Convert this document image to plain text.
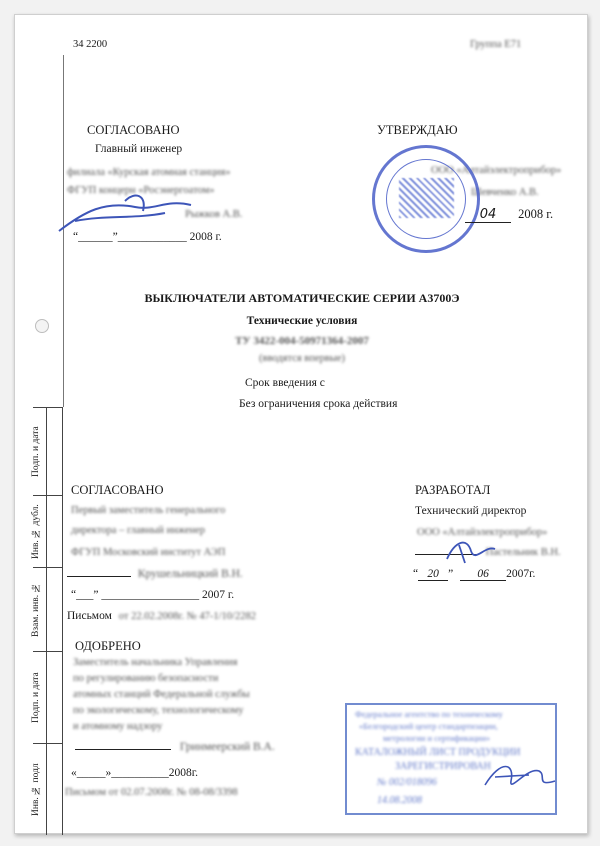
34 2200	Группа Е71
СОГЛАСОВАНО
Главный инженер
филиала «Курская атомная станция»
ФГУП концерн «Росэнергоатом»
Рыжков А.В.
“______”____________ 2008 г.
УТВЕРЖДАЮ
ООО «Алтайэлектроприбор»
Шевченко А.В.
04 2008 г.
ВЫКЛЮЧАТЕЛИ АВТОМАТИЧЕСКИЕ СЕРИИ А3700Э
Технические условия
ТУ 3422-004-50971364-2007
(вводятся впервые)
Срок введения с
Без ограничения срока действия
Подп. и дата
Инв. № дубл.
Взам. инв. №
Подп. и дата
Инв. № подл
СОГЛАСОВАНО
Первый заместитель генерального
директора – главный инженер
ФГУП Московский институт АЭП
Крушельницкий В.Н.
“___” _________________ 2007 г.
Письмом от 22.02.2008г. № 47-1/10/2282
РАЗРАБОТАЛ
Технический директор
ООО «Алтайэлектроприбор»
Пастельник В.Н.
“ 20 ” 06 2007г.
ОДОБРЕНО
Заместитель начальника Управления
по регулированию безопасности
атомных станций Федеральной службы
по экологическому, технологическому
и атомному надзору
Гринмеерский В.А.
«_____»__________2008г.
Письмом от 02.07.2008г. № 08-08/3398
Федеральное агентство по техническому
«Белгородский центр стандартизации,
метрологии и сертификации»
КАТАЛОЖНЫЙ ЛИСТ ПРОДУКЦИИ
ЗАРЕГИСТРИРОВАН
№ 002/018096
14.08.2008
